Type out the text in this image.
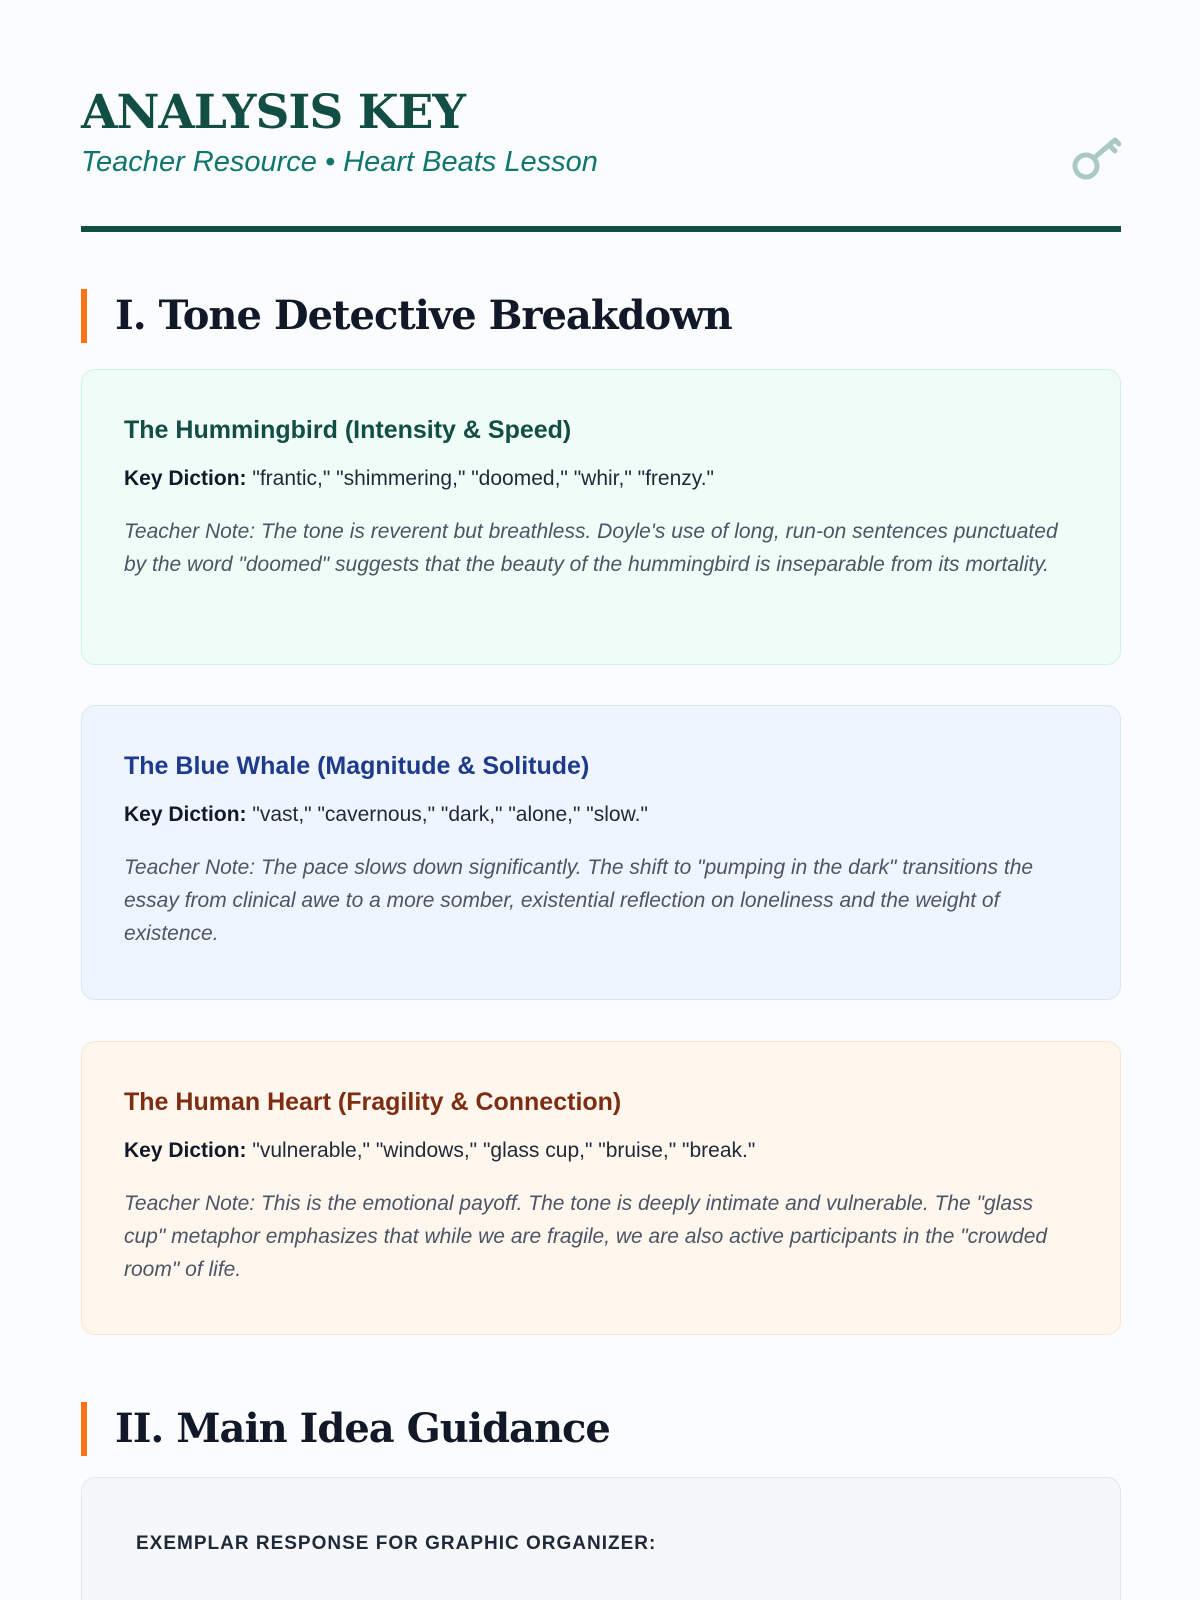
ANALYSIS KEY
Teacher Resource • Heart Beats Lesson
I. Tone Detective Breakdown
The Hummingbird (Intensity & Speed)
Key Diction: "frantic," "shimmering," "doomed," "whir," "frenzy."

Teacher Note: The tone is reverent but breathless. Doyle's use of long, run-on sentences punctuated by the word "doomed" suggests that the beauty of the hummingbird is inseparable from its mortality.

The Blue Whale (Magnitude & Solitude)
Key Diction: "vast," "cavernous," "dark," "alone," "slow."

Teacher Note: The pace slows down significantly. The shift to "pumping in the dark" transitions the essay from clinical awe to a more somber, existential reflection on loneliness and the weight of existence.

The Human Heart (Fragility & Connection)
Key Diction: "vulnerable," "windows," "glass cup," "bruise," "break."

Teacher Note: This is the emotional payoff. The tone is deeply intimate and vulnerable. The "glass cup" metaphor emphasizes that while we are fragile, we are also active participants in the "crowded room" of life.

II. Main Idea Guidance
EXEMPLAR RESPONSE FOR GRAPHIC ORGANIZER:
